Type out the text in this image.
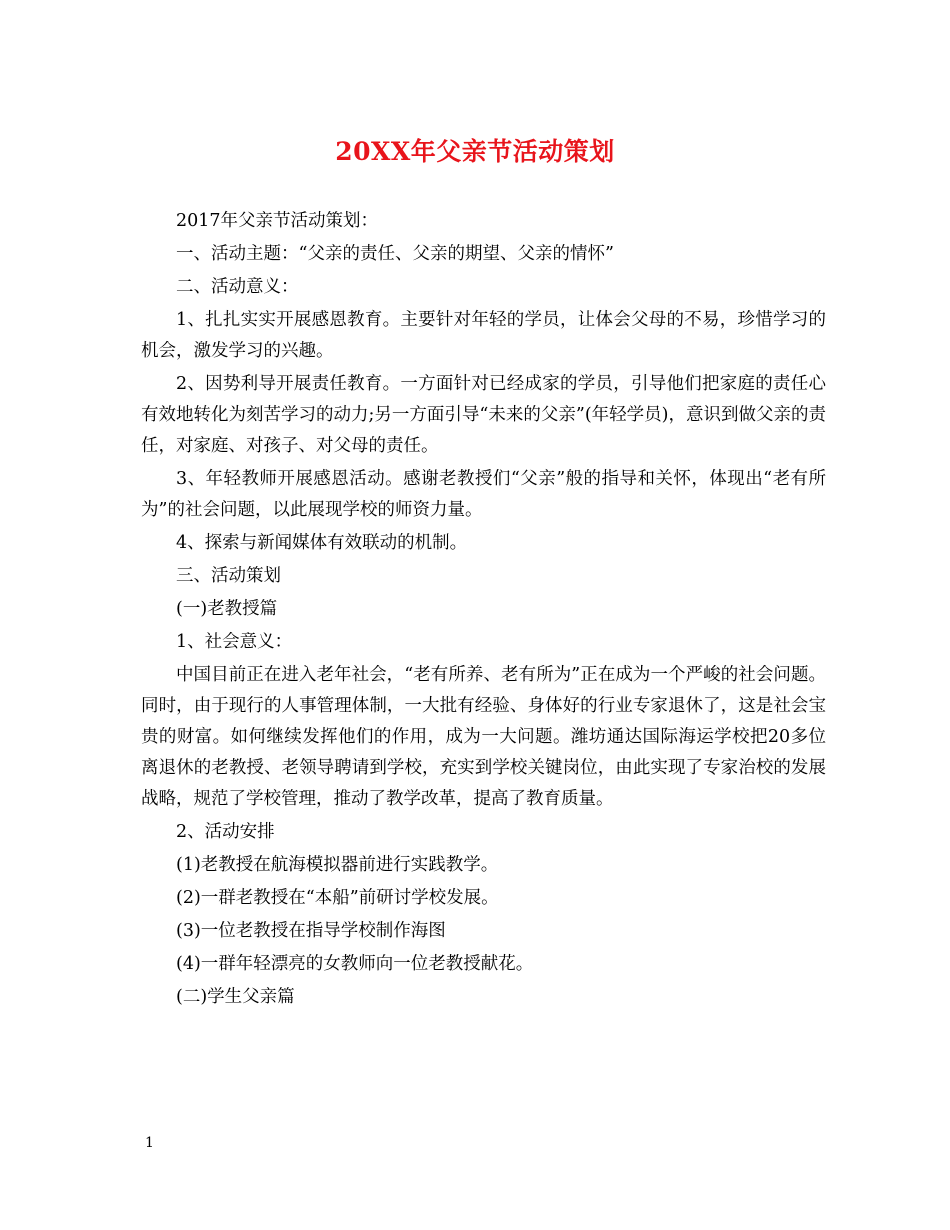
20XX年父亲节活动策划

2017年父亲节活动策划：

一、活动主题：“父亲的责任、父亲的期望、父亲的情怀”

二、活动意义：

1、扎扎实实开展感恩教育。主要针对年轻的学员，让体会父母的不易，珍惜学习的机会，激发学习的兴趣。

2、因势利导开展责任教育。一方面针对已经成家的学员，引导他们把家庭的责任心有效地转化为刻苦学习的动力;另一方面引导“未来的父亲”(年轻学员)，意识到做父亲的责任，对家庭、对孩子、对父母的责任。

3、年轻教师开展感恩活动。感谢老教授们“父亲”般的指导和关怀，体现出“老有所为”的社会问题，以此展现学校的师资力量。

4、探索与新闻媒体有效联动的机制。

三、活动策划

(一)老教授篇

1、社会意义：

中国目前正在进入老年社会，“老有所养、老有所为”正在成为一个严峻的社会问题。同时，由于现行的人事管理体制，一大批有经验、身体好的行业专家退休了，这是社会宝贵的财富。如何继续发挥他们的作用，成为一大问题。潍坊通达国际海运学校把20多位离退休的老教授、老领导聘请到学校，充实到学校关键岗位，由此实现了专家治校的发展战略，规范了学校管理，推动了教学改革，提高了教育质量。

2、活动安排

(1)老教授在航海模拟器前进行实践教学。

(2)一群老教授在“本船”前研讨学校发展。

(3)一位老教授在指导学校制作海图

(4)一群年轻漂亮的女教师向一位老教授献花。

(二)学生父亲篇

1
